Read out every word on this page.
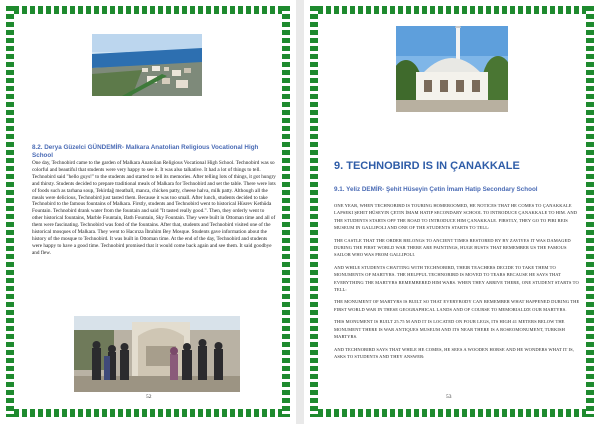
8.2. Derya Güzelci GÜNDEMİR- Malkara Anatolian Religious Vocational High School
One day, Technobird came to the garden of Malkara Anatolian Religious Vocational High School. Technobird was so colorful and beautiful that students were very happy to see it. It was also talkative. It had a lot of things to tell. Technobird said "hello guys!" to the students and started to tell its memories. After telling lots of things, it got hungry and thirsty. Students decided to prepare traditional meals of Malkara for Technobird and set the table. There were lots of foods such as tarhana soup, Tekirdağ meatball, manca, chicken patty, cheese halva, milk patty. Although all the meals were delicious, Technobird just tasted them. Because it was too small. After lunch, students decided to take Technobird to the famous fountains of Malkara. Firstly, students and Technobird went to historical Hüsrev Kethüda Fountain. Technobird drank water from the fountain and said "It tasted really good.". Then, they orderly went to other historical fountains, Marble Fountain, Bath Fountain, Sky Fountain. They were built in Ottoman time and all of them were fascinating. Technobird was fond of the fountains. After that, students and Technobird visited one of the historical mosques of Malkara. They went to Hacırıza İbrahim Bey Mosque. Students gave information about the history of the mosque to Technobird. It was built in Ottoman time. At the end of the day, Technobird and students were happy to have a good time. Technobird promised that it would come back again and see them. It said goodbye and flew.
52
9. TECHNOBIRD IS IN ÇANAKKALE
9.1. Yeliz DEMİR- Şehit Hüseyin Çetin İmam Hatip Secondary School

ONE YEAR, WHEN TECHNOBIRD IS TOURING HOMEROOMED, HE NOTICES THAT HE COMES TO ÇANAKKALE LAPSEKI ŞEHIT HÜSEYIN ÇETIN İMAM HATIP SECONDARY SCHOOL TO INTRODUCE ÇANAKKALE TO HIM. AND THE STUDENTS STARTS OFF THE ROAD TO INTRODUCE HIM ÇANAKKALE. FIRSTLY, THEY GO TO PIRI REIS MUSEUM IN GALLIPOLI AND ONE OF THE STUDENTS STARTS TO TELL:

THE CASTLE THAT THE ORDER BELONGS TO ANCIENT TIMES RESTORED BY BY ZAVIYES IT WAS DAMAGED DURING THE FIRST WORLD WAR THERE ARE PAINTINGS, HUGE BUSTS THAT REMEMBER US THE FAMOUS SAILOR WHO WAS FROM GALLIPOLI.

AND WHILE STUDENTS CHATTING WITH TECHNOBIRD, THEIR TEACHERS DECIDE TO TAKE THEM TO MONUMENTS OF MARTYRS. THE HELPFUL TECHNOBIRD IS MOVED TO TEARS BECAUSE HE SAYS THAT EVERYTHING THE MARTYRS REMEMBERED HIM WARS. WHEN THEY ARRIVE THERE, ONE STUDENT STARTS TO TELL:

THE MONUMENT OF MARTYRS IS BUILT SO THAT EVERYBODY CAN REMEMBER WHAT HAPPENED DURING THE FIRST WORLD WAR IN THESE GEOGRAPHICAL LANDS AND OF COURSE TO MEMORIALIZE OUR MARTYRS.

THIS MONUMENT IS BUILT 25.75 M AND IT IS LOCATED ON FOUR LEGS, ITS HIGH 41 METERS BELOW THE MONUMENT THERE IS WAR ANTIQUES MUSEUM AND ITS NEAR THERE IS A ROSEOMONUMENT, TURKISH MARTYRS.

AND TECHNOBIRD SAYS THAT WHILE HE COMES, HE SEES A WOODEN HORSE AND HE WONDERS WHAT IT IS, ASKS TO STUDENTS AND THEY ANSWER:

53
